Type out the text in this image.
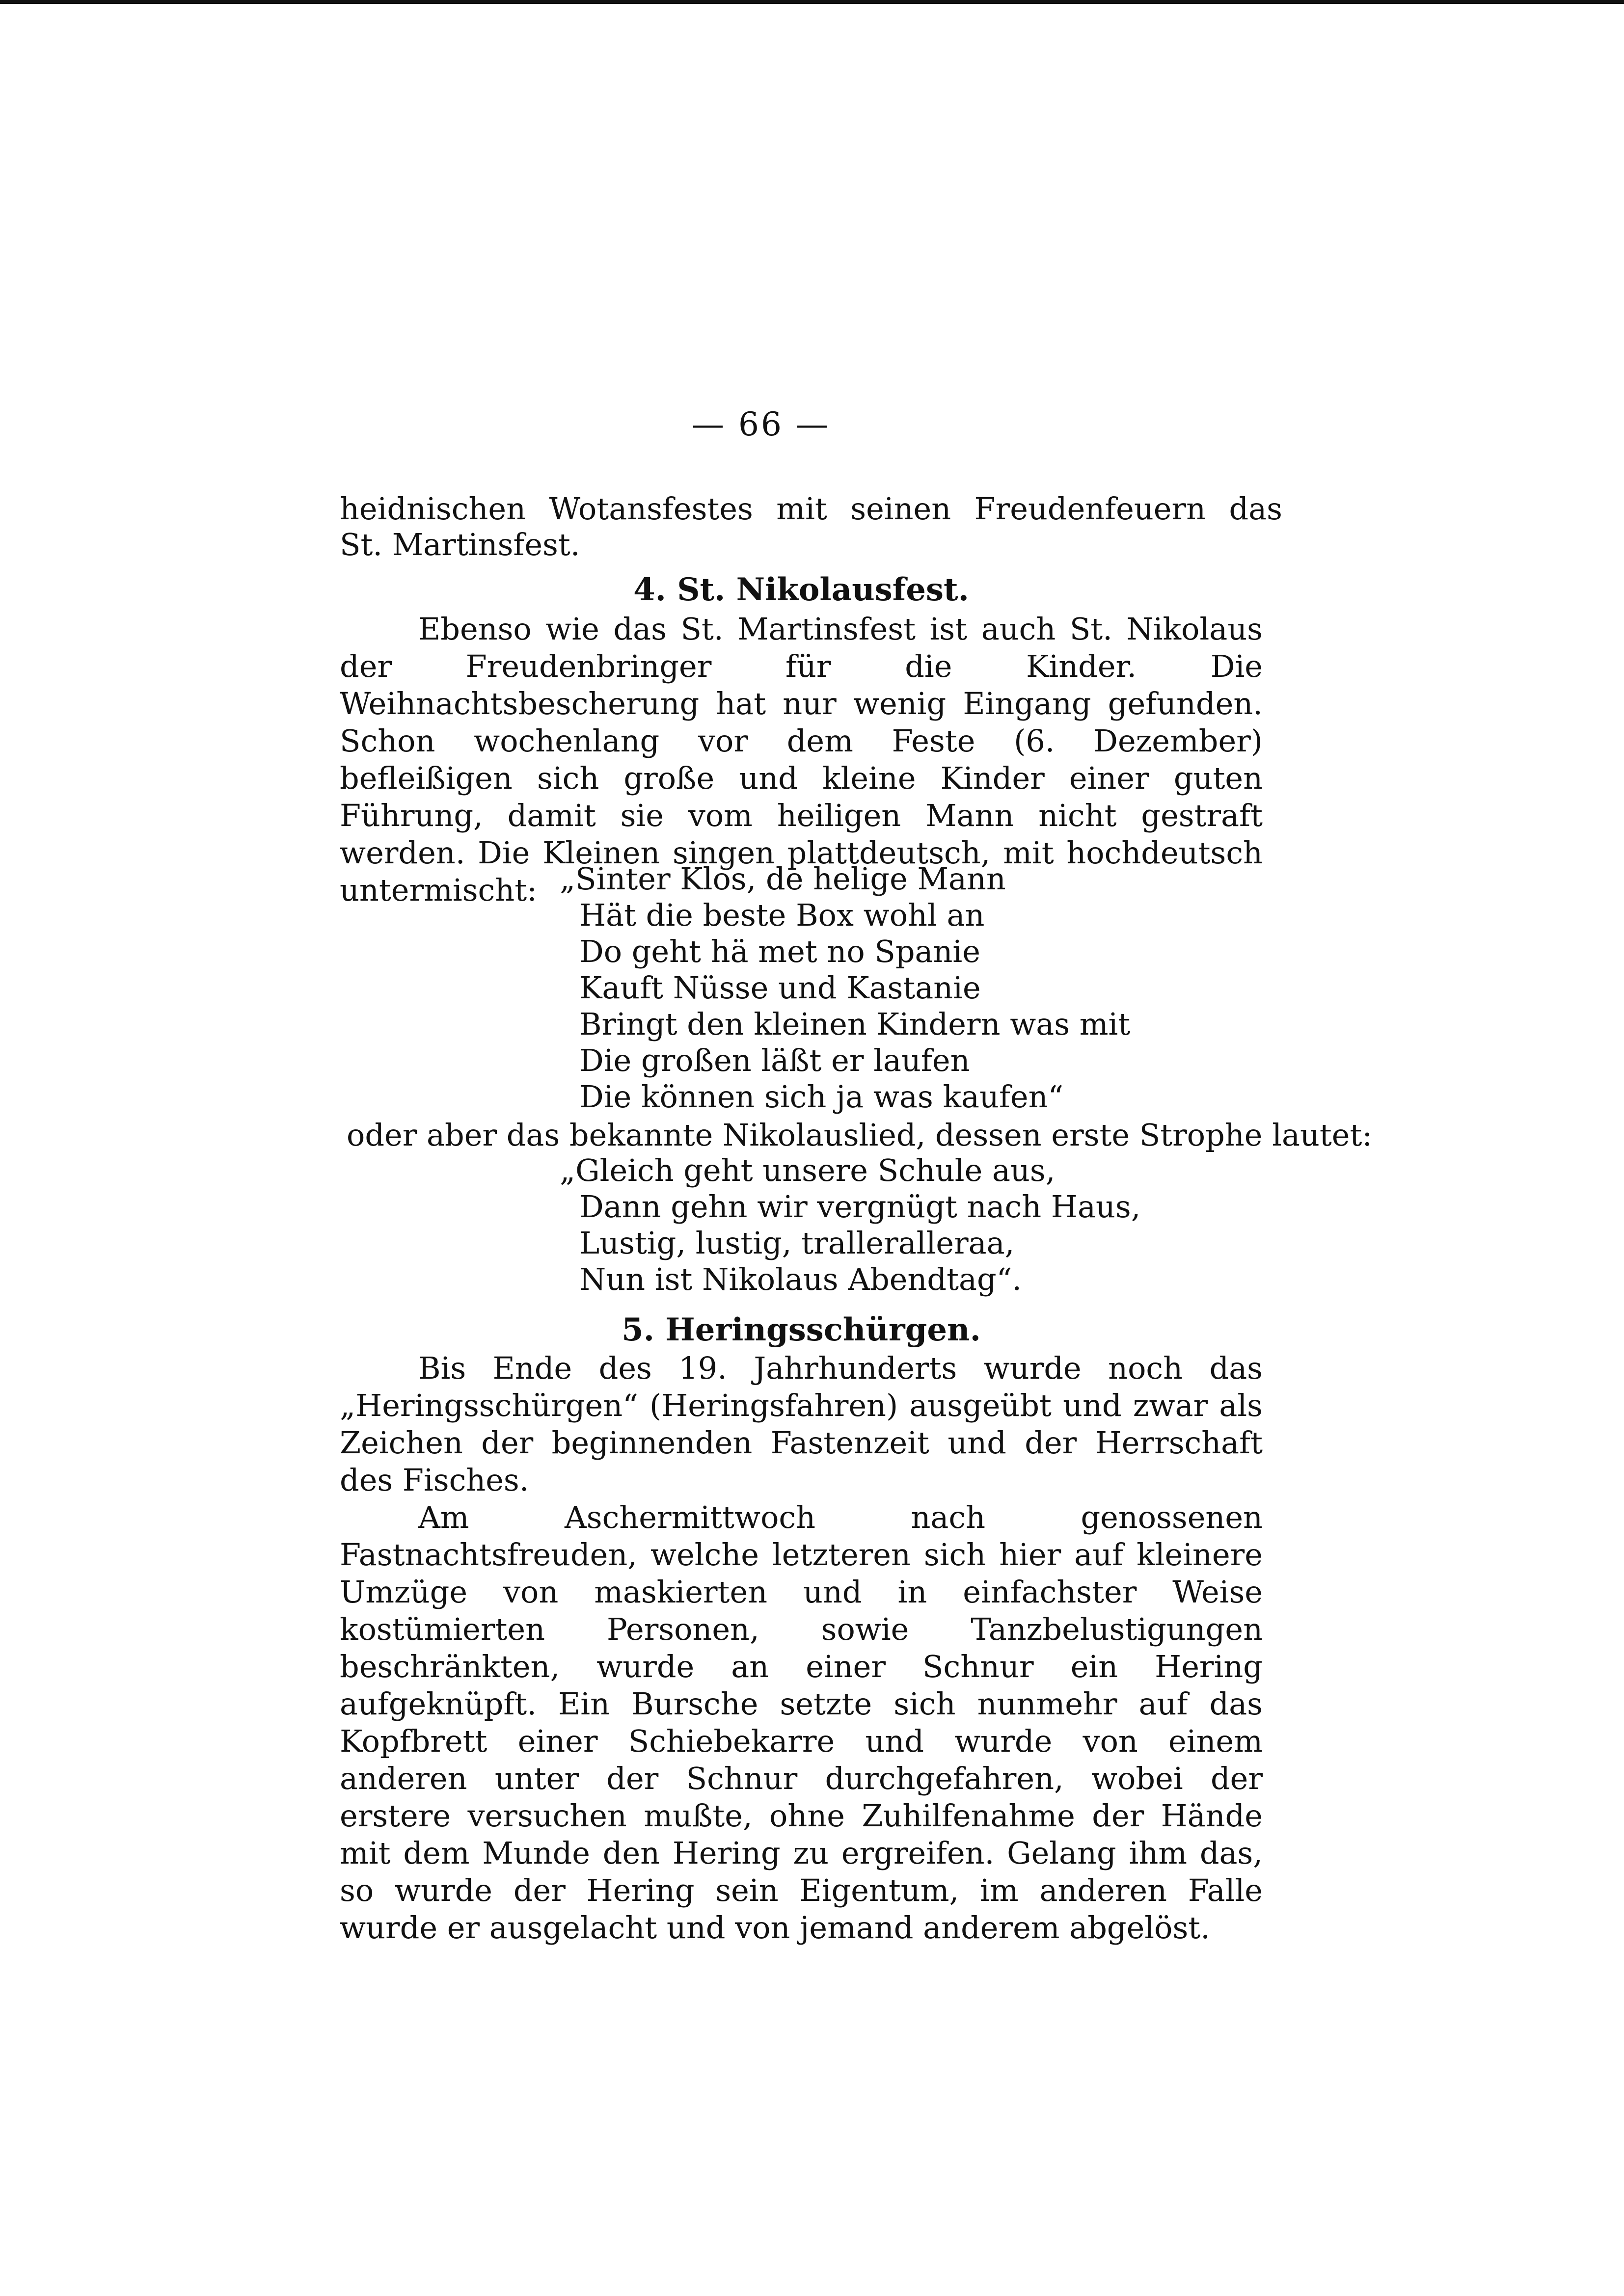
— 66 —
heidnischen Wotansfestes mit seinen Freudenfeuern das

St. Martinsfest.

4. St. Nikolausfest.

Ebenso wie das St. Martinsfest ist auch St. Nikolaus der Freudenbringer für die Kinder. Die Weihnachtsbescherung hat nur wenig Eingang gefunden. Schon wochenlang vor dem Feste (6. Dezember) befleißigen sich große und kleine Kinder einer guten Führung, damit sie vom heiligen Mann nicht gestraft werden. Die Kleinen singen plattdeutsch, mit hochdeutsch untermischt: „Sinter Klos, de helige Mann
Hät die beste Box wohl an
Do geht hä met no Spanie
Kauft Nüsse und Kastanie
Bringt den kleinen Kindern was mit
Die großen läßt er laufen
Die können sich ja was kaufen“
oder aber das bekannte Nikolauslied, dessen erste Strophe lautet:
„Gleich geht unsere Schule aus,
Dann gehn wir vergnügt nach Haus,
Lustig, lustig, tralleralleraa,
Nun ist Nikolaus Abendtag“.
5. Heringsschürgen.

Bis Ende des 19. Jahrhunderts wurde noch das „Heringsschürgen“ (Heringsfahren) ausgeübt und zwar als Zeichen der beginnenden Fastenzeit und der Herrschaft des Fisches.

Am Aschermittwoch nach genossenen Fastnachtsfreuden, welche letzteren sich hier auf kleinere Umzüge von maskierten und in einfachster Weise kostümierten Personen, sowie Tanzbelustigungen beschränkten, wurde an einer Schnur ein Hering aufgeknüpft. Ein Bursche setzte sich nunmehr auf das Kopfbrett einer Schiebekarre und wurde von einem anderen unter der Schnur durchgefahren, wobei der erstere versuchen mußte, ohne Zuhilfenahme der Hände mit dem Munde den Hering zu ergreifen. Gelang ihm das, so wurde der Hering sein Eigentum, im anderen Falle wurde er ausgelacht und von jemand anderem abgelöst.
